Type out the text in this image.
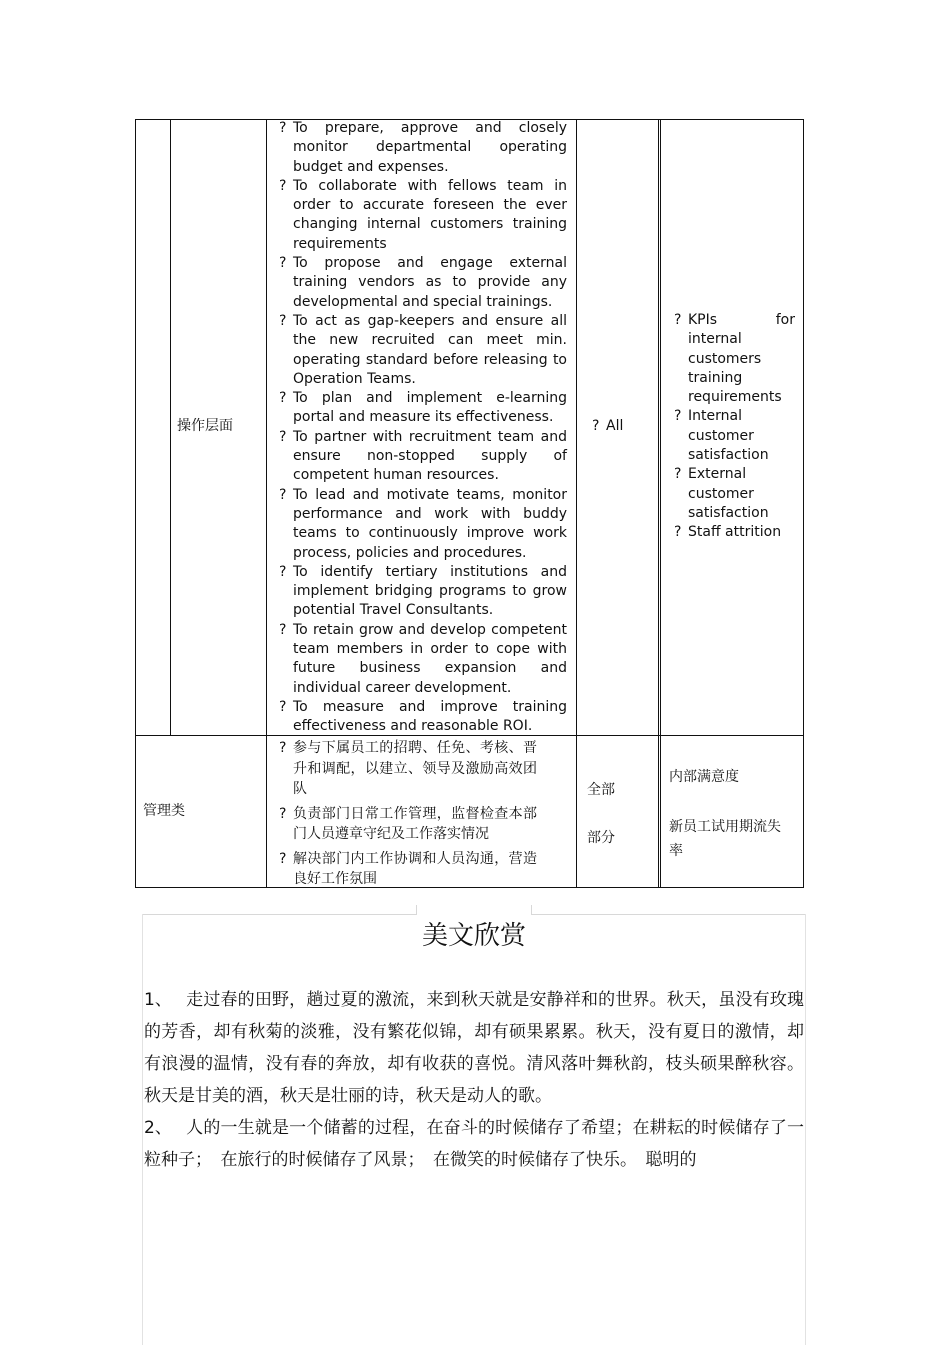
操作层面
? To prepare, approve and closely monitor departmental operating budget and expenses.
? To collaborate with fellows team in order to accurate foreseen the ever changing internal customers training requirements
? To propose and engage external training vendors as to provide any developmental and special trainings.
? To act as gap-keepers and ensure all the new recruited can meet min. operating standard before releasing to Operation Teams.
? To plan and implement e-learning portal and measure its effectiveness.
? To partner with recruitment team and ensure non-stopped supply of competent human resources.
? To lead and motivate teams, monitor performance and work with buddy teams to continuously improve work process, policies and procedures.
? To identify tertiary institutions and implement bridging programs to grow potential Travel Consultants.
? To retain grow and develop competent team members in order to cope with future business expansion and individual career development.
? To measure and improve training effectiveness and reasonable ROI.
? All
? KPIs for internal customers training requirements
? Internal customer satisfaction
? External customer satisfaction
? Staff attrition
管理类
? 参与下属员工的招聘、任免、考核、晋升和调配，以建立、领导及激励高效团队
? 负责部门日常工作管理，监督检查本部门人员遵章守纪及工作落实情况
? 解决部门内工作协调和人员沟通，营造良好工作氛围
全部
部分
内部满意度
新员工试用期流失率
美文欣赏

1、 走过春的田野，趟过夏的激流，来到秋天就是安静祥和的世界。秋天，虽没有玫瑰的芳香，却有秋菊的淡雅，没有繁花似锦，却有硕果累累。秋天，没有夏日的激情，却有浪漫的温情，没有春的奔放，却有收获的喜悦。清风落叶舞秋韵，枝头硕果醉秋容。秋天是甘美的酒，秋天是壮丽的诗，秋天是动人的歌。

2、 人的一生就是一个储蓄的过程，在奋斗的时候储存了希望；在耕耘的时候储存了一粒种子；　在旅行的时候储存了风景；　在微笑的时候储存了快乐。　聪明的
